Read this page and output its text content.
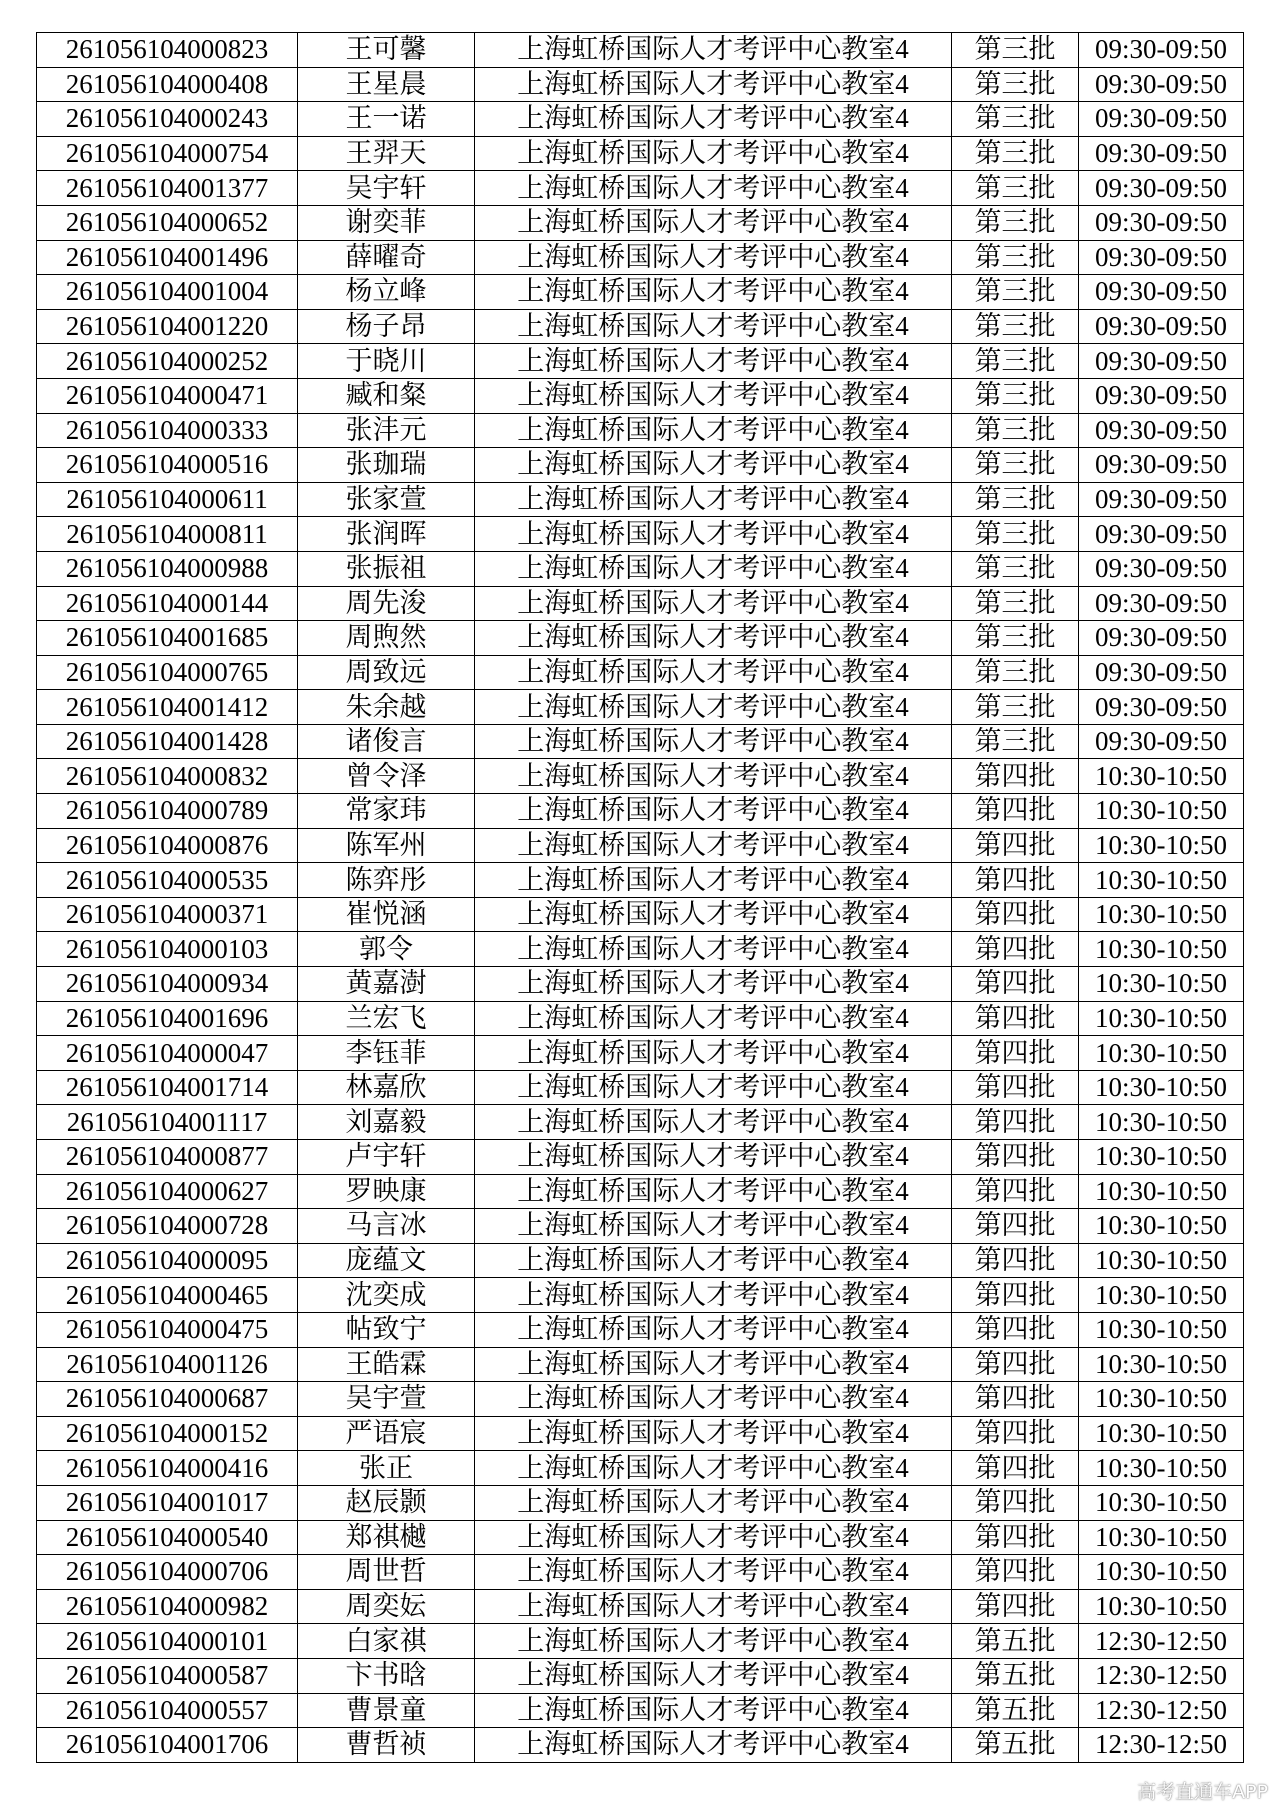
261056104000823	王可馨	上海虹桥国际人才考评中心教室4	第三批	09:30-09:50
261056104000408	王星晨	上海虹桥国际人才考评中心教室4	第三批	09:30-09:50
261056104000243	王一诺	上海虹桥国际人才考评中心教室4	第三批	09:30-09:50
261056104000754	王羿天	上海虹桥国际人才考评中心教室4	第三批	09:30-09:50
261056104001377	吴宇轩	上海虹桥国际人才考评中心教室4	第三批	09:30-09:50
261056104000652	谢奕菲	上海虹桥国际人才考评中心教室4	第三批	09:30-09:50
261056104001496	薛曜奇	上海虹桥国际人才考评中心教室4	第三批	09:30-09:50
261056104001004	杨立峰	上海虹桥国际人才考评中心教室4	第三批	09:30-09:50
261056104001220	杨子昂	上海虹桥国际人才考评中心教室4	第三批	09:30-09:50
261056104000252	于晓川	上海虹桥国际人才考评中心教室4	第三批	09:30-09:50
261056104000471	臧和粲	上海虹桥国际人才考评中心教室4	第三批	09:30-09:50
261056104000333	张沣元	上海虹桥国际人才考评中心教室4	第三批	09:30-09:50
261056104000516	张珈瑞	上海虹桥国际人才考评中心教室4	第三批	09:30-09:50
261056104000611	张家萱	上海虹桥国际人才考评中心教室4	第三批	09:30-09:50
261056104000811	张润晖	上海虹桥国际人才考评中心教室4	第三批	09:30-09:50
261056104000988	张振祖	上海虹桥国际人才考评中心教室4	第三批	09:30-09:50
261056104000144	周先浚	上海虹桥国际人才考评中心教室4	第三批	09:30-09:50
261056104001685	周煦然	上海虹桥国际人才考评中心教室4	第三批	09:30-09:50
261056104000765	周致远	上海虹桥国际人才考评中心教室4	第三批	09:30-09:50
261056104001412	朱余越	上海虹桥国际人才考评中心教室4	第三批	09:30-09:50
261056104001428	诸俊言	上海虹桥国际人才考评中心教室4	第三批	09:30-09:50
261056104000832	曾令泽	上海虹桥国际人才考评中心教室4	第四批	10:30-10:50
261056104000789	常家玮	上海虹桥国际人才考评中心教室4	第四批	10:30-10:50
261056104000876	陈军州	上海虹桥国际人才考评中心教室4	第四批	10:30-10:50
261056104000535	陈弈彤	上海虹桥国际人才考评中心教室4	第四批	10:30-10:50
261056104000371	崔悦涵	上海虹桥国际人才考评中心教室4	第四批	10:30-10:50
261056104000103	郭令	上海虹桥国际人才考评中心教室4	第四批	10:30-10:50
261056104000934	黄嘉澍	上海虹桥国际人才考评中心教室4	第四批	10:30-10:50
261056104001696	兰宏飞	上海虹桥国际人才考评中心教室4	第四批	10:30-10:50
261056104000047	李钰菲	上海虹桥国际人才考评中心教室4	第四批	10:30-10:50
261056104001714	林嘉欣	上海虹桥国际人才考评中心教室4	第四批	10:30-10:50
261056104001117	刘嘉毅	上海虹桥国际人才考评中心教室4	第四批	10:30-10:50
261056104000877	卢宇轩	上海虹桥国际人才考评中心教室4	第四批	10:30-10:50
261056104000627	罗映康	上海虹桥国际人才考评中心教室4	第四批	10:30-10:50
261056104000728	马言冰	上海虹桥国际人才考评中心教室4	第四批	10:30-10:50
261056104000095	庞蕴文	上海虹桥国际人才考评中心教室4	第四批	10:30-10:50
261056104000465	沈奕成	上海虹桥国际人才考评中心教室4	第四批	10:30-10:50
261056104000475	帖致宁	上海虹桥国际人才考评中心教室4	第四批	10:30-10:50
261056104001126	王皓霖	上海虹桥国际人才考评中心教室4	第四批	10:30-10:50
261056104000687	吴宇萱	上海虹桥国际人才考评中心教室4	第四批	10:30-10:50
261056104000152	严语宸	上海虹桥国际人才考评中心教室4	第四批	10:30-10:50
261056104000416	张正	上海虹桥国际人才考评中心教室4	第四批	10:30-10:50
261056104001017	赵辰颢	上海虹桥国际人才考评中心教室4	第四批	10:30-10:50
261056104000540	郑祺樾	上海虹桥国际人才考评中心教室4	第四批	10:30-10:50
261056104000706	周世哲	上海虹桥国际人才考评中心教室4	第四批	10:30-10:50
261056104000982	周奕妘	上海虹桥国际人才考评中心教室4	第四批	10:30-10:50
261056104000101	白家祺	上海虹桥国际人才考评中心教室4	第五批	12:30-12:50
261056104000587	卞书晗	上海虹桥国际人才考评中心教室4	第五批	12:30-12:50
261056104000557	曹景童	上海虹桥国际人才考评中心教室4	第五批	12:30-12:50
261056104001706	曹哲祯	上海虹桥国际人才考评中心教室4	第五批	12:30-12:50
高考直通车APP
